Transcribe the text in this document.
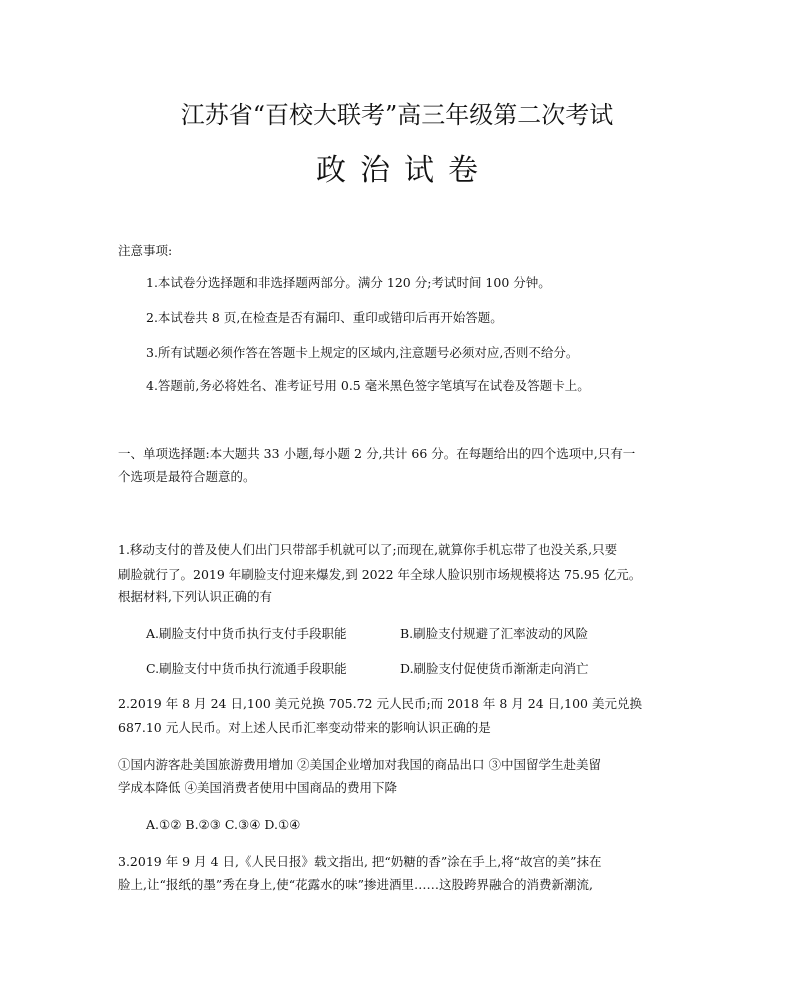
江苏省“百校大联考”高三年级第二次考试
政治试卷
注意事项:
1.本试卷分选择题和非选择题两部分。满分 120 分;考试时间 100 分钟。
2.本试卷共 8 页,在检查是否有漏印、重印或错印后再开始答题。
3.所有试题必须作答在答题卡上规定的区域内,注意题号必须对应,否则不给分。
4.答题前,务必将姓名、准考证号用 0.5 毫米黑色签字笔填写在试卷及答题卡上。
一、单项选择题:本大题共 33 小题,每小题 2 分,共计 66 分。在每题给出的四个选项中,只有一
个选项是最符合题意的。
1.移动支付的普及使人们出门只带部手机就可以了;而现在,就算你手机忘带了也没关系,只要
刷脸就行了。2019 年刷脸支付迎来爆发,到 2022 年全球人脸识别市场规模将达 75.95 亿元。
根据材料,下列认识正确的有
A.刷脸支付中货币执行支付手段职能	B.刷脸支付规避了汇率波动的风险
C.刷脸支付中货币执行流通手段职能	D.刷脸支付促使货币渐渐走向消亡
2.2019 年 8 月 24 日,100 美元兑换 705.72 元人民币;而 2018 年 8 月 24 日,100 美元兑换
687.10 元人民币。对上述人民币汇率变动带来的影响认识正确的是
①国内游客赴美国旅游费用增加 ②美国企业增加对我国的商品出口 ③中国留学生赴美留
学成本降低 ④美国消费者使用中国商品的费用下降
A.①② B.②③ C.③④ D.①④
3.2019 年 9 月 4 日,《人民日报》载文指出, 把“奶糖的香”涂在手上,将“故宫的美”抹在
脸上,让“报纸的墨”秀在身上,使“花露水的味”掺进酒里……这股跨界融合的消费新潮流,
